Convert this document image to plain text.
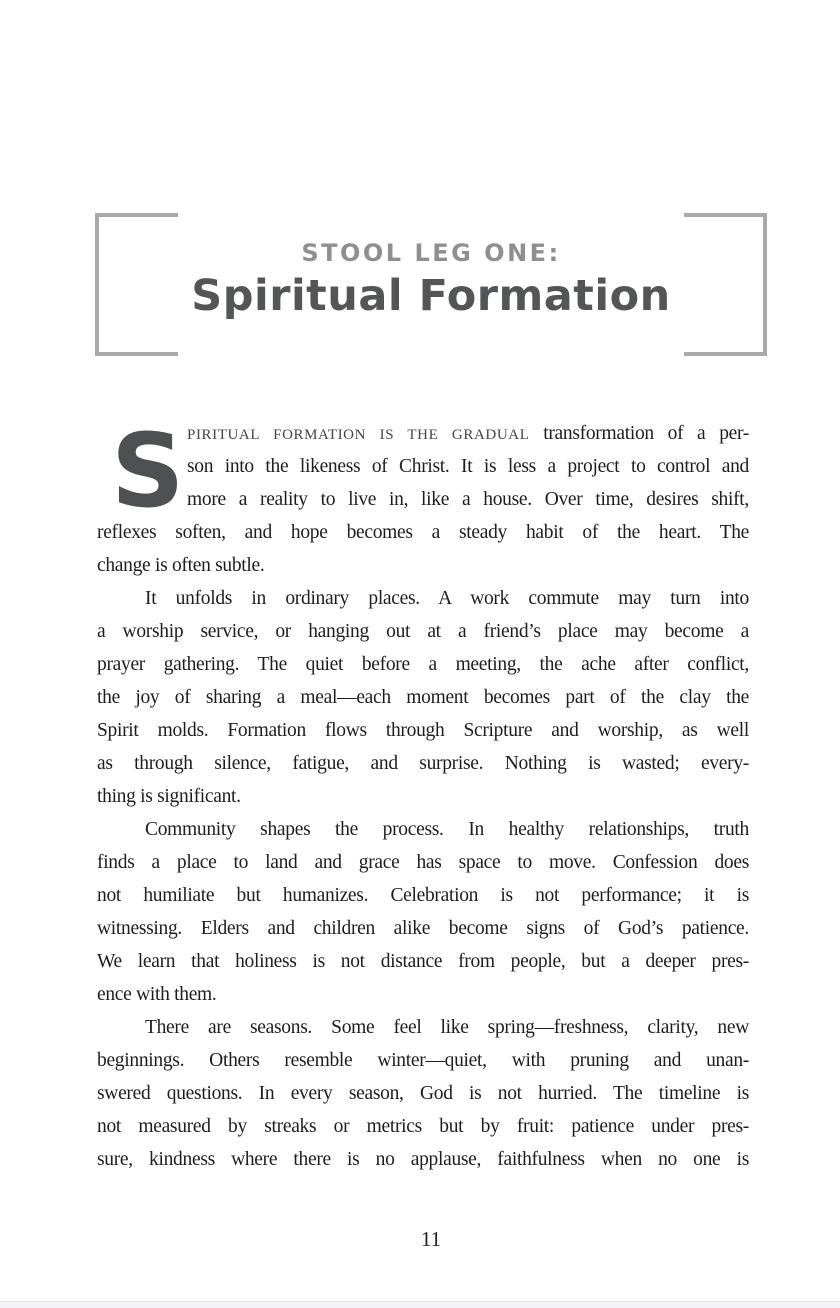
STOOL LEG ONE:
Spiritual Formation
S PIRITUAL FORMATION IS THE GRADUAL transformation of a per-
son into the likeness of Christ. It is less a project to control and
more a reality to live in, like a house. Over time, desires shift,
reflexes soften, and hope becomes a steady habit of the heart. The
change is often subtle.
It unfolds in ordinary places. A work commute may turn into
a worship service, or hanging out at a friend’s place may become a
prayer gathering. The quiet before a meeting, the ache after conflict,
the joy of sharing a meal—each moment becomes part of the clay the
Spirit molds. Formation flows through Scripture and worship, as well
as through silence, fatigue, and surprise. Nothing is wasted; every-
thing is significant.
Community shapes the process. In healthy relationships, truth
finds a place to land and grace has space to move. Confession does
not humiliate but humanizes. Celebration is not performance; it is
witnessing. Elders and children alike become signs of God’s patience.
We learn that holiness is not distance from people, but a deeper pres-
ence with them.
There are seasons. Some feel like spring—freshness, clarity, new
beginnings. Others resemble winter—quiet, with pruning and unan-
swered questions. In every season, God is not hurried. The timeline is
not measured by streaks or metrics but by fruit: patience under pres-
sure, kindness where there is no applause, faithfulness when no one is
11
